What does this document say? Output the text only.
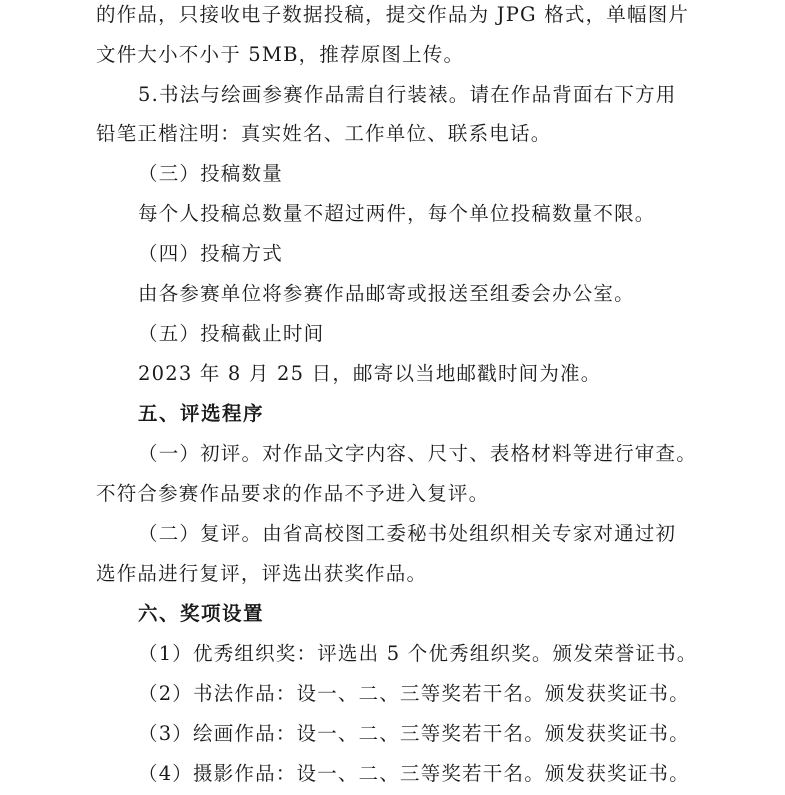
的作品，只接收电子数据投稿，提交作品为 JPG 格式，单幅图片
文件大小不小于 5MB，推荐原图上传。
5.书法与绘画参赛作品需自行装裱。请在作品背面右下方用
铅笔正楷注明：真实姓名、工作单位、联系电话。
（三）投稿数量
每个人投稿总数量不超过两件，每个单位投稿数量不限。
（四）投稿方式
由各参赛单位将参赛作品邮寄或报送至组委会办公室。
（五）投稿截止时间
2023 年 8 月 25 日，邮寄以当地邮戳时间为准。
五、评选程序
（一）初评。对作品文字内容、尺寸、表格材料等进行审查。
不符合参赛作品要求的作品不予进入复评。
（二）复评。由省高校图工委秘书处组织相关专家对通过初
选作品进行复评，评选出获奖作品。
六、奖项设置
（1）优秀组织奖：评选出 5 个优秀组织奖。颁发荣誉证书。
（2）书法作品：设一、二、三等奖若干名。颁发获奖证书。
（3）绘画作品：设一、二、三等奖若干名。颁发获奖证书。
（4）摄影作品：设一、二、三等奖若干名。颁发获奖证书。
